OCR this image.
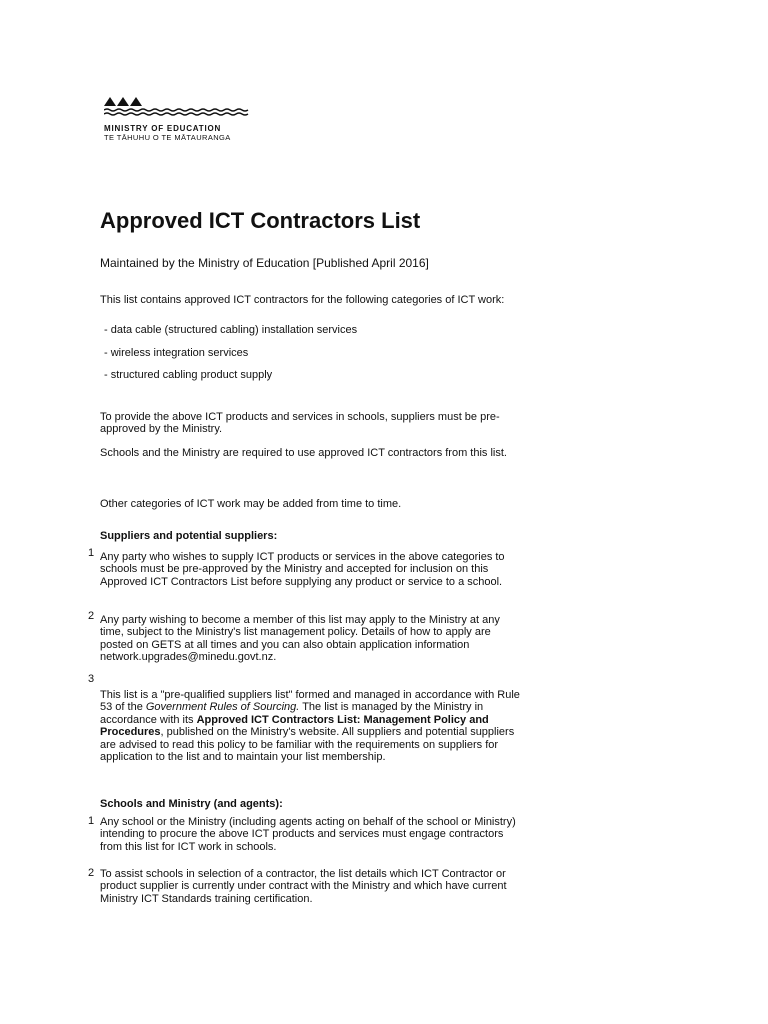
MINISTRY OF EDUCATION
TE TĀHUHU O TE MĀTAURANGA
Approved ICT Contractors List
Maintained by the Ministry of Education [Published April 2016]
This list contains approved ICT contractors for the following categories of ICT work:
- data cable (structured cabling) installation services
- wireless integration services
- structured cabling product supply
To provide the above ICT products and services in schools, suppliers must be pre-approved by the Ministry.
Schools and the Ministry are required to use approved ICT contractors from this list.
Other categories of ICT work may be added from time to time.
Suppliers and potential suppliers:
1 Any party who wishes to supply ICT products or services in the above categories to schools must be pre-approved by the Ministry and accepted for inclusion on this Approved ICT Contractors List before supplying any product or service to a school.
2 Any party wishing to become a member of this list may apply to the Ministry at any time, subject to the Ministry's list management policy. Details of how to apply are posted on GETS at all times and you can also obtain application information network.upgrades@minedu.govt.nz.
3
This list is a "pre-qualified suppliers list" formed and managed in accordance with Rule 53 of the Government Rules of Sourcing. The list is managed by the Ministry in accordance with its Approved ICT Contractors List: Management Policy and Procedures, published on the Ministry's website. All suppliers and potential suppliers are advised to read this policy to be familiar with the requirements on suppliers for application to the list and to maintain your list membership.
Schools and Ministry (and agents):
1 Any school or the Ministry (including agents acting on behalf of the school or Ministry) intending to procure the above ICT products and services must engage contractors from this list for ICT work in schools.
2 To assist schools in selection of a contractor, the list details which ICT Contractor or product supplier is currently under contract with the Ministry and which have current Ministry ICT Standards training certification.
